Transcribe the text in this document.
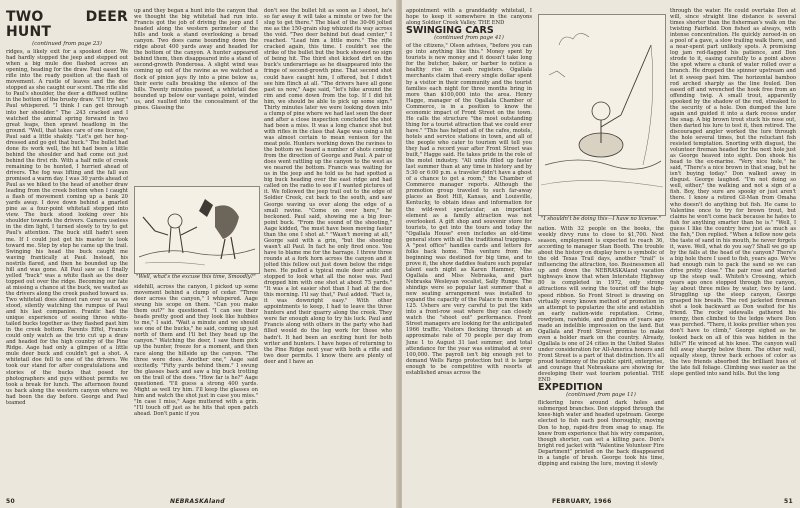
TWO DEER HUNT
(continued from page 23)

ridges, a likely exit for a spooked deer. We had hardly stopped the jeep and stepped out when a big mule doe flashed across an opening, heading for the draw. Paul eased his rifle into the ready position at the flash of movement. A rustle of leaves and the doe stopped as she caught our scent. The rifle slid to Paul's shoulder, the deer a diffused outline in the bottom of the brushy draw. "I'll try her," Paul whispered. "I think I can get through into her shoulder." The .243 cracked and I watched the animal spring forward in two great leaps, then sprawl headlong in the ground. "Well, that takes care of one license," Paul said a little shakily. "Let's get her hog-dressed and go get that buck." The bullet had done its work well, the hit had been a little behind the shoulder and had come out just behind the first rib. With a half mile of creek remaining to be hunted, I hurried ahead of drivers. The fog was lifting and the fall sun promised a warm day. I was 30 yards ahead of Paul as we hiked to the head of another draw leading from the creek bottom when I caught a flash of movement coming up a bank 20 yards away. I dove down behind a gnarled pine as a four-point whitetail stepped into view. The buck stood looking over his shoulder towards the drivers. Camera useless in the dim light, I turned slowly to try to get Paul's attention. The buck still hadn't seen me. If I could just get his master to look toward me. Step by step he came up the trail. Swinging his head the buck caught me waving frantically at Paul. Instead, his nostrils flared, and then he bounded up the hill and was gone. All Paul saw as I finally yelled "buck" was a white flash as the deer topped out over the ridge. Becoming our fate at missing a chance at the buck, we waited as the drivers along the creek pushed toward us. Two whitetail does almost ran over us as we stood, silently watching the rumpus of Paul and his last companion. Frantic had the unique experience of seeing three white-tailed bucks together as they flashed past him in the creek bottom. Parents Effel, Francis could only watch as the trio cut up a draw and headed for the high country of the Pine Ridge. Aage had only a glimpse of a little mule deer buck and couldn't get a shot. A whitetail doe fell to one of the drivers. We took our stand for after congratulations and stories of the bucks that posed for photographers and guys without permits we took a break for lunch. The afternoon found us back along the western canyon where we had been the day before. George and Paul teamed

up and they began a hunt into the canyon that we thought the big whitetail had run into. Francis got the job of driving the jeep and I headed along the western perimeter of the hills and took a stand overlooking a broad canyon. Two does came bounding down the ridge about 400 yards away and headed for the bottom of the canyon. A hunter appeared behind them, then disappeared into a stand of second-growth Ponderosa. A slight wind was coming up out of the ravine as we watched a flock of pinion jays fly into a pine below us, their eerie calls breaking the silence of the hills. Twenty minutes passed, a whitetail doe bounded up below our vantage point, winded us, and vaulted into the concealment of the pines. Glassing the

"Well, what's the excuse this time, Smoodly?"

sidehill, across the canyon, I picked up some movement behind a clump of cedar. "Three deer across the canyon," I whispered. Aage swung his scope on them. "Can you make them out?" he questioned. "I can see their heads pretty good and they look like hubbies to me," I said. "Wait a minute and we should see one of the bucks," he said, coming up just north of them and I'll bet they head up the canyon." Watching the deer, I saw them pick up the hunter, freeze for a moment, and then race along the hillside up the canyon. "The three were does. Another one," Aage said excitedly. "Fifty yards behind them." I swung the glasses back and saw a big buck trotting on the trail of the does. "How far is he?" Aage questioned. "I'll guess a strong 400 yards. Might as well try him. I'll keep the glasses on him and watch the shot just in case you miss." "In case I miss," Aage muttered with a grin. "I'll touch off just as he hits that open patch ahead. Don't panic if you

don't see the bullet hit as soon as I shoot, he's so far away it will take a minute or two for the slug to get there." The blast of the 30-06 jolted me as the 150-grain slug whizzed its way across the void. "Two deer behind but dead center," I reached. "Lead him a little more." The rifle cracked again, this time. I couldn't see the strike of the bullet but the buck showed no sign of being hit. The third shot kicked dirt on the buck's underarriage as he disappeared into the fringe of second-growth pine. That second shot could have caught him, I offered, but I didn't see him flinch at all. "The drivers have all gone past us now," Aage said, "let's hike around the rim and come down from the top. If I did hit him, we should be able to pick up some sign." Thirty minutes later we were looking down into a clump of pine where we had last seen the deer and after a close inspection concluded the shot had been a miss. It was a long chance shot but with rifles in the class that Aage was using a hit was almost certain to mean venison for the meat pole. Hunters working down the ravines to the bottom we heard a number of shots coming from the direction of George and Paul. A pair of does went rattling up the canyon to the west as we neared the bottom. Francis was waiting for us in the jeep and he told us he had spotted a big buck heading over the east ridge and had called on the radio to see if I wanted pictures of it. We followed the jeep trail out to the edge of Soldier Creek, cut back to the south, and saw George waving us over along the edge of a small ravine. "Come on over here," he beckoned. Paul said, showing me a big four-point buck. "From the sound of the shooting," Aage kidded, "he must have been moving faster than the one I shot at." "Wasn't moving at all," George said with a grin, "but the shooting wasn't all Paul. In fact he only fired once. You have to blame me for the barrage. I threw three rounds at a fork horn across the canyon and it jolted this fellow out just down below the ridge here. He pulled a typical mule deer antic and stopped to look what all the noise was. Paul dropped him with one shot at about 75 yards." "It was a lot easier shot than I had at the doe this morning. I'll say that," Paul added. "Fact is, it was downright easy." With other appointments to keep, I had to leave the three hunters and their quarry along the creek. They were far enough along to try his luck. Paul and Francis along with others in the party who had filled would do the leg work for those who hadn't. It had been an exciting hunt for both writer and hunters. I have hopes of returning to the Pine Ridge next year with both a rifle and two deer permits. I know there are plenty of deer and I have an

50	NEBRASKAland

appointment with a granddaddy whitetail, I hope to keep it somewhere in the canyons along Soldier Creek Valley. THE END

SWINGING CARS
(continued from page 41)

of the citizens," Olson advises, "before you can go into anything like this." Money spent by tourists is new money and it doesn't take long for the butcher, baker, or barber to notice a healthy rise in cash registers. Ogallala merchants claim that every single dollar spent by a visitor in their community and the tourist families each night for three months bring in more than $100,000 into the area. Henry Hagge, manager of the Ogallala Chamber of Commerce, is in a position to know the economic impact of Front Street on the town. He calls the structure "the most outstanding thing for a tourist attraction that we could ever have." "This has helped all of the cafes, motels, hotels and service stations in town, and all of the people who cater to tourism will tell you they had a record year after Front Street was built," Hagge said. He takes pride in the role of the motel industry. "All units filled up faster last summer than at any time in history and by 5:30 or 6:00 p.m. a traveler didn't have a ghost of a chance to get a room," the Chamber of Commerce manager reports. Although the promotion group traveled to such far-away places as Boot Hill, Kansas, and Louisville, Kentucky, to obtain ideas and information for the wild-west spectacular, an important element as a family attraction was not overlooked. A gift shop and souvenir store for tourists, to get into the tours and today the "Ogallala House" even includes an old-time general store with all the traditional trappings. A "post office" handles cards and letters for folks back home. This venture from the beginning was destined for big time, and to prove it, the show daddies feature such popular talent each night as Karen Hammer, Miss Ogallala and Miss Nebraska, and part Nebraska Wesleyan vocalist, Sally Runge. The shindigs were so popular last summer that a new seating arrangement was installed to expand the capacity of the Palace to more than 125. Ushers are very careful to put the kids into a front-row seat where they can closely watch the "shoot out" performance. Front Street managers are looking for the anticipated 1966 traffic. Visitors flocking through at an approximate rate of 70 people per day from June 1 to August 31 last summer, and total attendance for the year was estimated at over 100,000. The payroll isn't big enough yet to demand Wells Fargo protection but it is large enough to be competitive with resorts at established areas across the

"I shouldn't be doing this—I have no license."

nation. With 32 people on the books, the weekly divvy runs to close to $1,700. Next season, employment is expected to reach 36, according to manager Stan Booth. The trouble about the history on display here is symbolic of the old Texas Trail days, another "trail" is influencing the attraction, too. Businessmen all up and down the NEBRASKAland vacation highways know that when Interstate Highway 80 is completed in 1972, only strong attractions will swing the tourist off the high-speed ribbon. So Front Street is drawing on virtually every known method of promotion in an attempt to popularize the site and establish an early nation-wide reputation. Crime, rowdyism, rawhide, and gunfires of years ago made an indelible impression on the land. But Ogallala and Front Street promise to make even a bolder mark on the country. Already, Ogallala is one of 24 cities in the United States under consideration for All-America honors and Front Street is a part of that distinction. It's all proud testimony of the public spirit, enterprise, and courage that Nebraskans are showing for developing their vast tourism potential. THE END

EXPEDITION
(continued from page 11)

flickering lures around dark holes and submerged branches. Don stopped through the knee-high water and headed upstream. George elected to fish each pool thoroughly, moving Don to hop, rapid-fire from snag to snag. He knew from experience that his wiry companion, though shorter, can set a killing pace. Don's bright red jacket with "Valentine Volunteer Fire Department" printed on the back disappeared in a tangle of brush. George took his time, dipping and raising the lure, moving it slowly

through the water. He could overtake Don at will, since straight line distance is several times shorter than the fisherman's walk on the twisting Fairfield. Don fished as always, with intense concentration. He quickly zeroed-in on a pool of a gave, a slow trailing walk there, and a near-spent part unlikely spots. A promising log jam red-flagged his patience, and Don strode to it, easing carefully to a point above the spot where a chunk of water rolled over a branch. He dropped the spinner upstream and let it sweep past him. The horizontal bamboo rod arched sharply as the line fouled. Don eased off and wrenched the hook free from an offending twig. A small trout, apparently spooked by the shadow of the rod, streaked to the security of a hole. Don dumped the lure again and guided it into a dark recess under the snag. A big brown trout stuck his nose out, then darted his lure to test it, then retired. The discouraged angler worked the lure through the hole several times, but the reluctant fish resisted temptation. Snorting with disgust, the volunteer fireman headed for the next hole just as George heaved into sight. Don shook his head to the ex-marine. "Very nice hole," he said, "There's a nice brown in that snag, but he isn't buying today." Don walked away in disgust. George laughed. "I'm not doing so well, either," the walking and not a sign of a fish. Boy, they sure are spooky or just aren't there. I know a retired GI-Man from Omaha who doesn't do anything but fish. He came to Valentine once to try for brown trout, but claims he won't come back because he hates to fish for anything smarter than he is." "Well, I guess I like the country here just as much as the fish," Don replied. "When a fellow now gets the taste of sand in his mouth, he never forgets it, wave. Well, what do you say? Shall we go up by the falls at the head of the canyon? There's a big hole there I used to fish, years ago. We've had enough rain to pack the sand so we can drive pretty close." The pair rose and started up the steep wall. Whiteh's Crossing, which years ago once stopped through the canyon, lay about three miles by water, two by land. Struggling up the steep canyon, George grasped his breath. The red jacketed fireman shot a look backward as Don waited for his friend. The rocky sidewalls gathered his energy, then climbed to the ledge where Don was perched. "There, it looks prettier when you don't have to climb," George sighed as he looked back on all of this was hidden in the hills?" He winced at his knee. The canyon wall fell away sharply below them. The other wall, equally steep, threw back echoes of color as the two friends absorbed the brilliant hues of the late fall foliage. Climbing was easier as the slope gentled into sand hills. But the long

FEBRUARY, 1966	51
